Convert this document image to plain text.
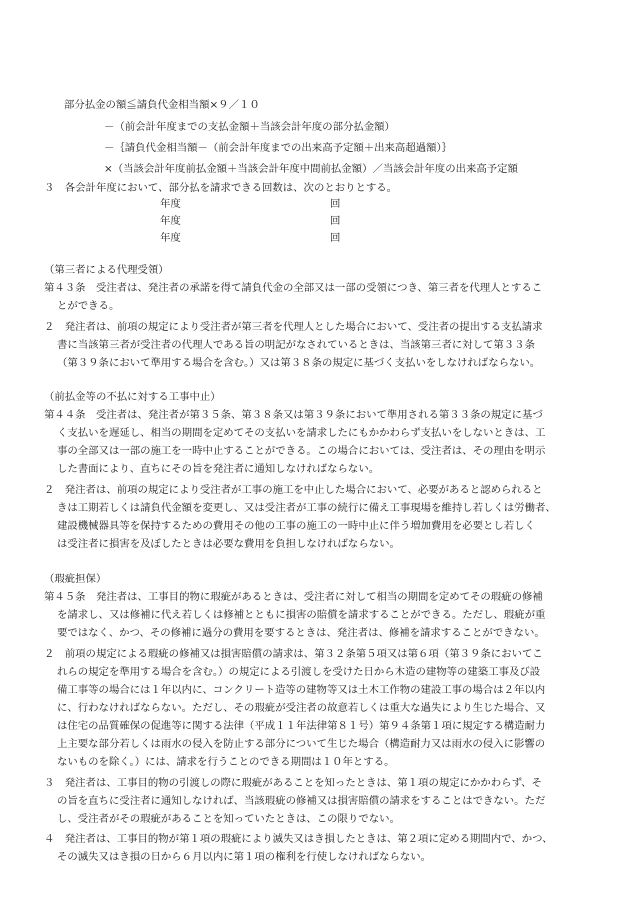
部分払金の額≦請負代金相当額×９／１０
－（前会計年度までの支払金額＋当該会計年度の部分払金額）
－｛請負代金相当額－（前会計年度までの出来高予定額＋出来高超過額）｝
×（当該会計年度前払金額＋当該会計年度中間前払金額）／当該会計年度の出来高予定額
３　各会計年度において、部分払を請求できる回数は、次のとおりとする。
年度	回
年度	回
年度	回
（第三者による代理受領）
第４３条　受注者は、発注者の承諾を得て請負代金の全部又は一部の受領につき、第三者を代理人とするこ
とができる。
２　発注者は、前項の規定により受注者が第三者を代理人とした場合において、受注者の提出する支払請求
書に当該第三者が受注者の代理人である旨の明記がなされているときは、当該第三者に対して第３３条
（第３９条において準用する場合を含む。）又は第３８条の規定に基づく支払いをしなければならない。
（前払金等の不払に対する工事中止）
第４４条　受注者は、発注者が第３５条、第３８条又は第３９条において準用される第３３条の規定に基づ
く支払いを遅延し、相当の期間を定めてその支払いを請求したにもかかわらず支払いをしないときは、工
事の全部又は一部の施工を一時中止することができる。この場合においては、受注者は、その理由を明示
した書面により、直ちにその旨を発注者に通知しなければならない。
２　発注者は、前項の規定により受注者が工事の施工を中止した場合において、必要があると認められると
きは工期若しくは請負代金額を変更し、又は受注者が工事の続行に備え工事現場を維持し若しくは労働者、
建設機械器具等を保持するための費用その他の工事の施工の一時中止に伴う増加費用を必要とし若しく
は受注者に損害を及ぼしたときは必要な費用を負担しなければならない。
（瑕疵担保）
第４５条　発注者は、工事目的物に瑕疵があるときは、受注者に対して相当の期間を定めてその瑕疵の修補
を請求し、又は修補に代え若しくは修補とともに損害の賠償を請求することができる。ただし、瑕疵が重
要ではなく、かつ、その修補に過分の費用を要するときは、発注者は、修補を請求することができない。
２　前項の規定による瑕疵の修補又は損害賠償の請求は、第３２条第５項又は第６項（第３９条においてこ
れらの規定を準用する場合を含む。）の規定による引渡しを受けた日から木造の建物等の建築工事及び設
備工事等の場合には１年以内に、コンクリート造等の建物等又は土木工作物の建設工事の場合は２年以内
に、行わなければならない。ただし、その瑕疵が受注者の故意若しくは重大な過失により生じた場合、又
は住宅の品質確保の促進等に関する法律（平成１１年法律第８１号）第９４条第１項に規定する構造耐力
上主要な部分若しくは雨水の侵入を防止する部分について生じた場合（構造耐力又は雨水の侵入に影響の
ないものを除く。）には、請求を行うことのできる期間は１０年とする。
３　発注者は、工事目的物の引渡しの際に瑕疵があることを知ったときは、第１項の規定にかかわらず、そ
の旨を直ちに受注者に通知しなければ、当該瑕疵の修補又は損害賠償の請求をすることはできない。ただ
し、受注者がその瑕疵があることを知っていたときは、この限りでない。
４　発注者は、工事目的物が第１項の瑕疵により滅失又はき損したときは、第２項に定める期間内で、かつ、
その滅失又はき損の日から６月以内に第１項の権利を行使しなければならない。
